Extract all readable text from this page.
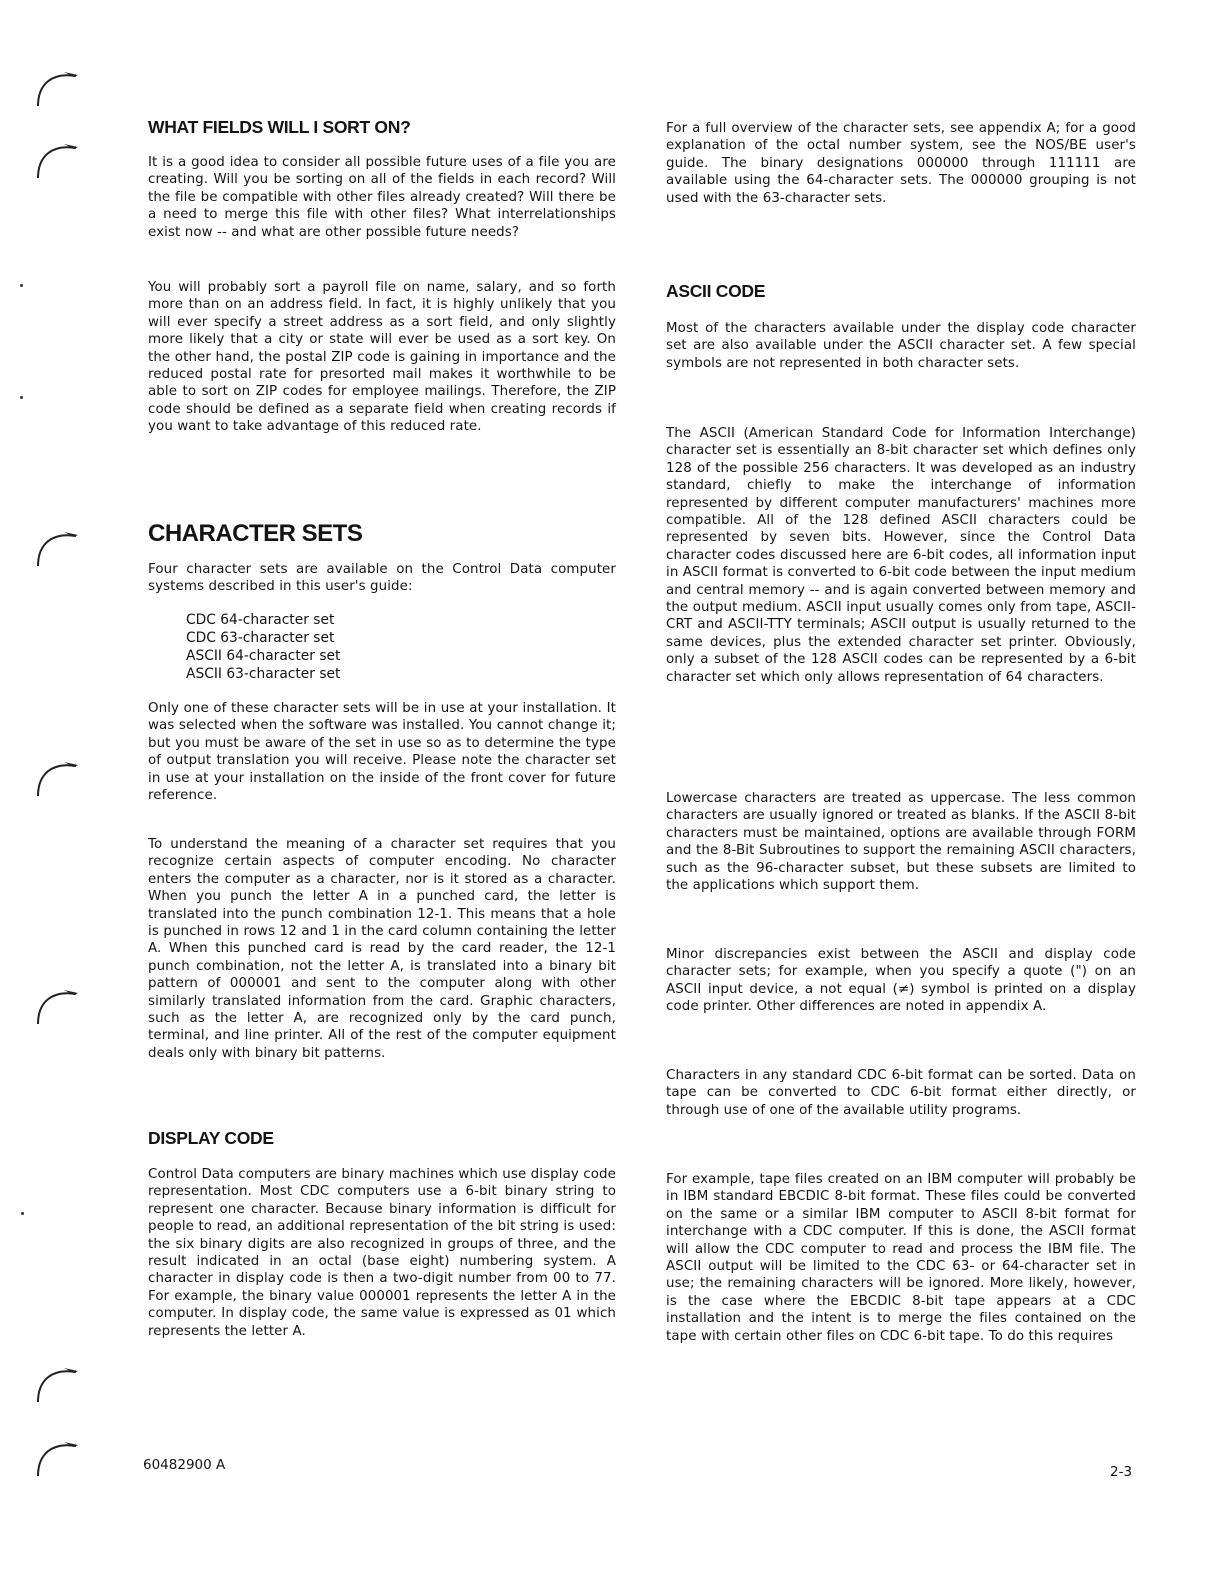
WHAT FIELDS WILL I SORT ON?

It is a good idea to consider all possible future uses of a file you are creating. Will you be sorting on all of the fields in each record? Will the file be compatible with other files already created? Will there be a need to merge this file with other files? What interrelationships exist now -- and what are other possible future needs?

You will probably sort a payroll file on name, salary, and so forth more than on an address field. In fact, it is highly unlikely that you will ever specify a street address as a sort field, and only slightly more likely that a city or state will ever be used as a sort key. On the other hand, the postal ZIP code is gaining in importance and the reduced postal rate for presorted mail makes it worthwhile to be able to sort on ZIP codes for employee mailings. Therefore, the ZIP code should be defined as a separate field when creating records if you want to take advantage of this reduced rate.

CHARACTER SETS

Four character sets are available on the Control Data computer systems described in this user's guide:

CDC 64-character set
CDC 63-character set
ASCII 64-character set
ASCII 63-character set

Only one of these character sets will be in use at your installation. It was selected when the software was installed. You cannot change it; but you must be aware of the set in use so as to determine the type of output translation you will receive. Please note the character set in use at your installation on the inside of the front cover for future reference.

To understand the meaning of a character set requires that you recognize certain aspects of computer encoding. No character enters the computer as a character, nor is it stored as a character. When you punch the letter A in a punched card, the letter is translated into the punch combination 12-1. This means that a hole is punched in rows 12 and 1 in the card column containing the letter A. When this punched card is read by the card reader, the 12-1 punch combination, not the letter A, is translated into a binary bit pattern of 000001 and sent to the computer along with other similarly translated information from the card. Graphic characters, such as the letter A, are recognized only by the card punch, terminal, and line printer. All of the rest of the computer equipment deals only with binary bit patterns.

DISPLAY CODE

Control Data computers are binary machines which use display code representation. Most CDC computers use a 6-bit binary string to represent one character. Because binary information is difficult for people to read, an additional representation of the bit string is used: the six binary digits are also recognized in groups of three, and the result indicated in an octal (base eight) numbering system. A character in display code is then a two-digit number from 00 to 77. For example, the binary value 000001 represents the letter A in the computer. In display code, the same value is expressed as 01 which represents the letter A.

For a full overview of the character sets, see appendix A; for a good explanation of the octal number system, see the NOS/BE user's guide. The binary designations 000000 through 111111 are available using the 64-character sets. The 000000 grouping is not used with the 63-character sets.

ASCII CODE

Most of the characters available under the display code character set are also available under the ASCII character set. A few special symbols are not represented in both character sets.

The ASCII (American Standard Code for Information Interchange) character set is essentially an 8-bit character set which defines only 128 of the possible 256 characters. It was developed as an industry standard, chiefly to make the interchange of information represented by different computer manufacturers' machines more compatible. All of the 128 defined ASCII characters could be represented by seven bits. However, since the Control Data character codes discussed here are 6-bit codes, all information input in ASCII format is converted to 6-bit code between the input medium and central memory -- and is again converted between memory and the output medium. ASCII input usually comes only from tape, ASCII-CRT and ASCII-TTY terminals; ASCII output is usually returned to the same devices, plus the extended character set printer. Obviously, only a subset of the 128 ASCII codes can be represented by a 6-bit character set which only allows representation of 64 characters.

Lowercase characters are treated as uppercase. The less common characters are usually ignored or treated as blanks. If the ASCII 8-bit characters must be maintained, options are available through FORM and the 8-Bit Subroutines to support the remaining ASCII characters, such as the 96-character subset, but these subsets are limited to the applications which support them.

Minor discrepancies exist between the ASCII and display code character sets; for example, when you specify a quote (") on an ASCII input device, a not equal (≠) symbol is printed on a display code printer. Other differences are noted in appendix A.

Characters in any standard CDC 6-bit format can be sorted. Data on tape can be converted to CDC 6-bit format either directly, or through use of one of the available utility programs.

For example, tape files created on an IBM computer will probably be in IBM standard EBCDIC 8-bit format. These files could be converted on the same or a similar IBM computer to ASCII 8-bit format for interchange with a CDC computer. If this is done, the ASCII format will allow the CDC computer to read and process the IBM file. The ASCII output will be limited to the CDC 63- or 64-character set in use; the remaining characters will be ignored. More likely, however, is the case where the EBCDIC 8-bit tape appears at a CDC installation and the intent is to merge the files contained on the tape with certain other files on CDC 6-bit tape. To do this requires

60482900 A	2-3
